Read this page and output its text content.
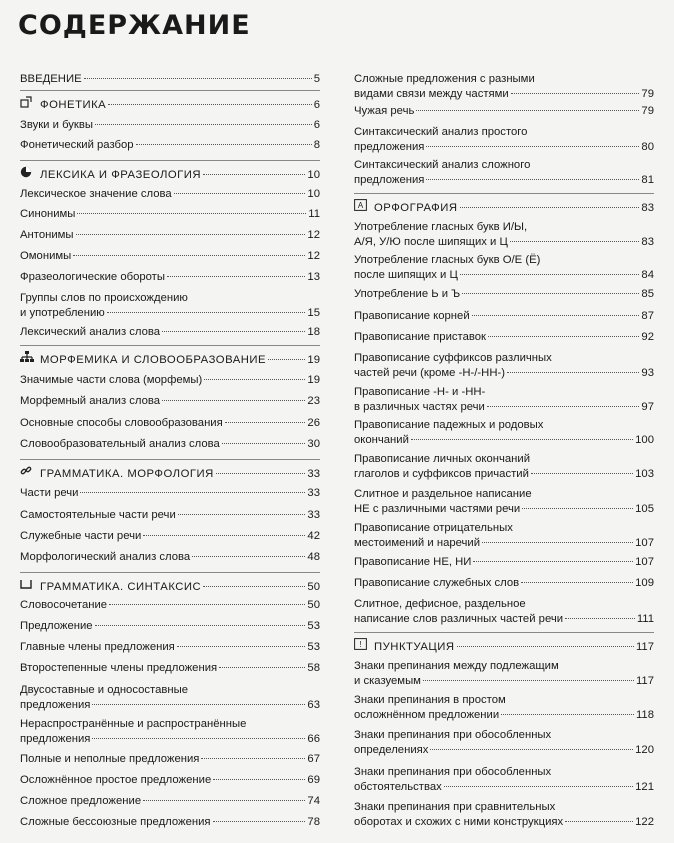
СОДЕРЖАНИЕ
ВВЕДЕНИЕ	5
ФОНЕТИКА	6
Звуки и буквы	6
Фонетический разбор	8
ЛЕКСИКА И ФРАЗЕОЛОГИЯ	10
Лексическое значение слова	10
Синонимы	11
Антонимы	12
Омонимы	12
Фразеологические обороты	13
Группы слов по происхождению
и употреблению	15
Лексический анализ слова	18
МОРФЕМИКА И СЛОВООБРАЗОВАНИЕ	19
Значимые части слова (морфемы)	19
Морфемный анализ слова	23
Основные способы словообразования	26
Словообразовательный анализ слова	30
ГРАММАТИКА. МОРФОЛОГИЯ	33
Части речи	33
Самостоятельные части речи	33
Служебные части речи	42
Морфологический анализ слова	48
ГРАММАТИКА. СИНТАКСИС	50
Словосочетание	50
Предложение	53
Главные члены предложения	53
Второстепенные члены предложения	58
Двусоставные и односоставные
предложения	63
Нераспространённые и распространённые
предложения	66
Полные и неполные предложения	67
Осложнённое простое предложение	69
Сложное предложение	74
Сложные бессоюзные предложения	78
Сложные предложения с разными
видами связи между частями	79
Чужая речь	79
Синтаксический анализ простого
предложения	80
Синтаксический анализ сложного
предложения	81
A ОРФОГРАФИЯ	83
Употребление гласных букв И/Ы,
А/Я, У/Ю после шипящих и Ц	83
Употребление гласных букв О/Е (Ё)
после шипящих и Ц	84
Употребление Ь и Ъ	85
Правописание корней	87
Правописание приставок	92
Правописание суффиксов различных
частей речи (кроме -Н-/-НН-)	93
Правописание -Н- и -НН-
в различных частях речи	97
Правописание падежных и родовых
окончаний	100
Правописание личных окончаний
глаголов и суффиксов причастий	103
Слитное и раздельное написание
НЕ с различными частями речи	105
Правописание отрицательных
местоимений и наречий	107
Правописание НЕ, НИ	107
Правописание служебных слов	109
Слитное, дефисное, раздельное
написание слов различных частей речи	111
! ПУНКТУАЦИЯ	117
Знаки препинания между подлежащим
и сказуемым	117
Знаки препинания в простом
осложнённом предложении	118
Знаки препинания при обособленных
определениях	120
Знаки препинания при обособленных
обстоятельствах	121
Знаки препинания при сравнительных
оборотах и схожих с ними конструкциях	122
